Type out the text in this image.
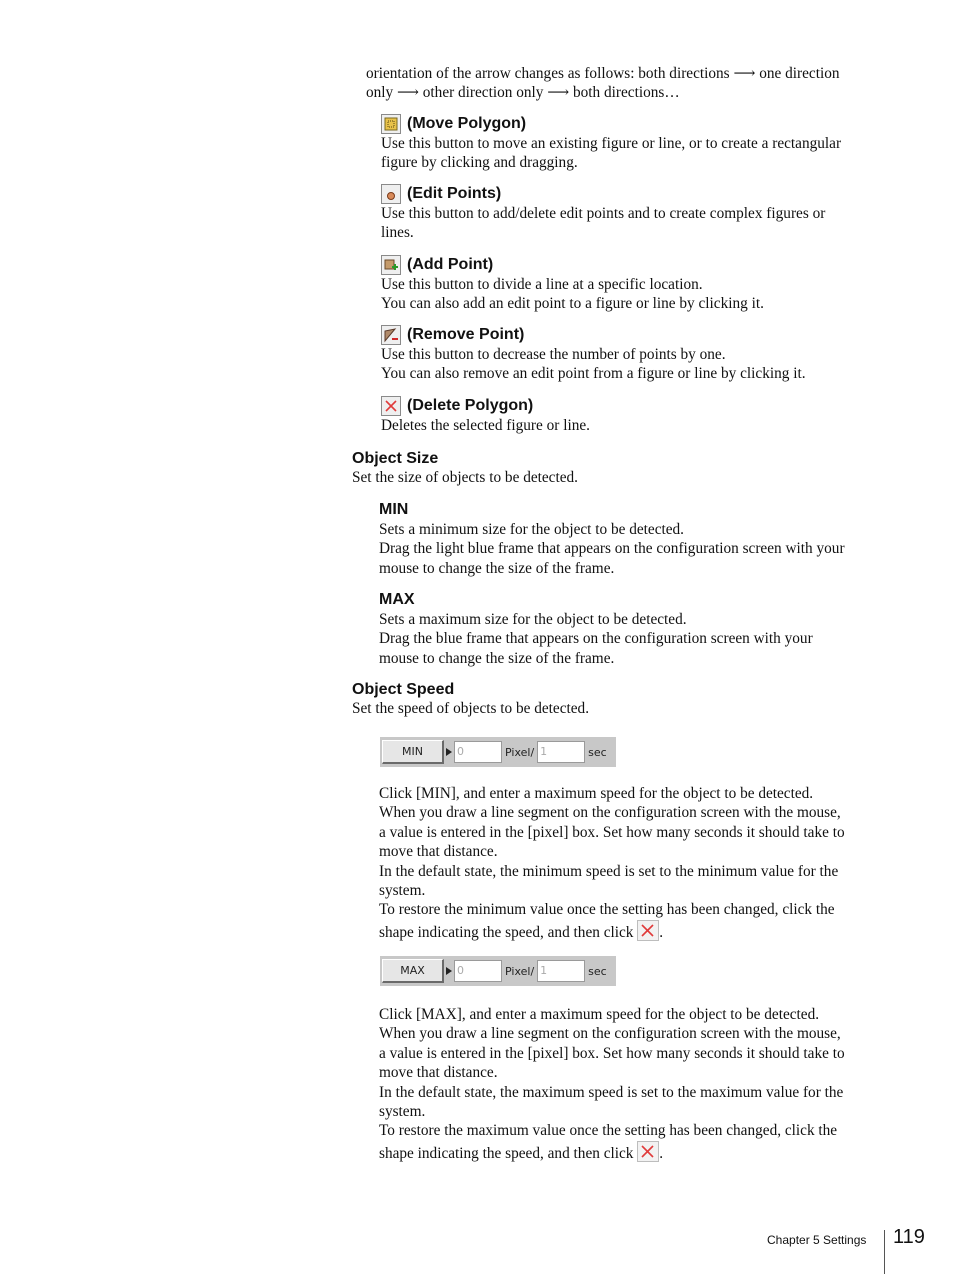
orientation of the arrow changes as follows: both directions ⟶ one direction
only ⟶ other direction only ⟶ both directions…
(Move Polygon)
Use this button to move an existing figure or line, or to create a rectangular
figure by clicking and dragging.
(Edit Points)
Use this button to add/delete edit points and to create complex figures or
lines.
(Add Point)
Use this button to divide a line at a specific location.
You can also add an edit point to a figure or line by clicking it.
(Remove Point)
Use this button to decrease the number of points by one.
You can also remove an edit point from a figure or line by clicking it.
(Delete Polygon)
Deletes the selected figure or line.
Object Size
Set the size of objects to be detected.
MIN
Sets a minimum size for the object to be detected.
Drag the light blue frame that appears on the configuration screen with your
mouse to change the size of the frame.
MAX
Sets a maximum size for the object to be detected.
Drag the blue frame that appears on the configuration screen with your
mouse to change the size of the frame.
Object Speed
Set the speed of objects to be detected.
MIN	0	Pixel/ 1	sec
Click [MIN], and enter a maximum speed for the object to be detected.
When you draw a line segment on the configuration screen with the mouse,
a value is entered in the [pixel] box. Set how many seconds it should take to
move that distance.
In the default state, the minimum speed is set to the minimum value for the
system.
To restore the minimum value once the setting has been changed, click the
shape indicating the speed, and then click .
MAX	0	Pixel/ 1	sec
Click [MAX], and enter a maximum speed for the object to be detected.
When you draw a line segment on the configuration screen with the mouse,
a value is entered in the [pixel] box. Set how many seconds it should take to
move that distance.
In the default state, the maximum speed is set to the maximum value for the
system.
To restore the maximum value once the setting has been changed, click the
shape indicating the speed, and then click .
Chapter 5 Settings 119
